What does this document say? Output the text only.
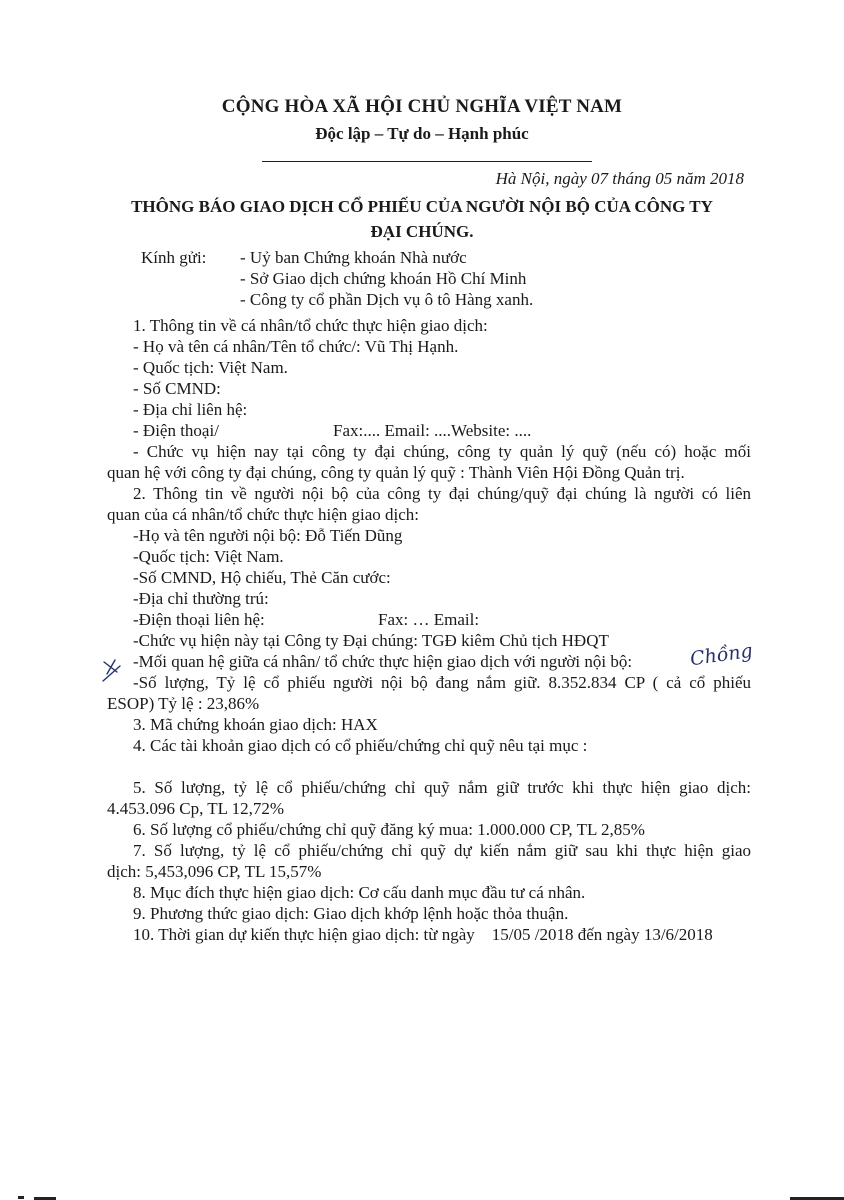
CỘNG HÒA XÃ HỘI CHỦ NGHĨA VIỆT NAM
Độc lập – Tự do – Hạnh phúc
Hà Nội, ngày 07 tháng 05 năm 2018
THÔNG BÁO GIAO DỊCH CỔ PHIẾU CỦA NGƯỜI NỘI BỘ CỦA CÔNG TY
ĐẠI CHÚNG.
Kính gửi: - Uỷ ban Chứng khoán Nhà nước
- Sở Giao dịch chứng khoán Hồ Chí Minh
- Công ty cổ phần Dịch vụ ô tô Hàng xanh.
1. Thông tin về cá nhân/tổ chức thực hiện giao dịch:
- Họ và tên cá nhân/Tên tổ chức/: Vũ Thị Hạnh.
- Quốc tịch: Việt Nam.
- Số CMND:
- Địa chỉ liên hệ:
- Điện thoại/	Fax:.... Email: ....Website: ....
- Chức vụ hiện nay tại công ty đại chúng, công ty quản lý quỹ (nếu có) hoặc mối
quan hệ với công ty đại chúng, công ty quản lý quỹ : Thành Viên Hội Đồng Quản trị.
2. Thông tin về người nội bộ của công ty đại chúng/quỹ đại chúng là người có liên
quan của cá nhân/tổ chức thực hiện giao dịch:
-Họ và tên người nội bộ: Đỗ Tiến Dũng
-Quốc tịch: Việt Nam.
-Số CMND, Hộ chiếu, Thẻ Căn cước:
-Địa chỉ thường trú:
-Điện thoại liên hệ:	Fax: … Email:
-Chức vụ hiện này tại Công ty Đại chúng: TGĐ kiêm Chủ tịch HĐQT
-Mối quan hệ giữa cá nhân/ tổ chức thực hiện giao dịch với người nội bộ:	Chồng
-Số lượng, Tỷ lệ cổ phiếu người nội bộ đang nắm giữ. 8.352.834 CP ( cả cổ phiếu
ESOP) Tỷ lệ : 23,86%
3. Mã chứng khoán giao dịch: HAX
4. Các tài khoản giao dịch có cổ phiếu/chứng chỉ quỹ nêu tại mục :
5. Số lượng, tỷ lệ cổ phiếu/chứng chỉ quỹ nắm giữ trước khi thực hiện giao dịch:
4.453.096 Cp, TL 12,72%
6. Số lượng cổ phiếu/chứng chỉ quỹ đăng ký mua: 1.000.000 CP, TL 2,85%
7. Số lượng, tỷ lệ cổ phiếu/chứng chỉ quỹ dự kiến nắm giữ sau khi thực hiện giao
dịch: 5,453,096 CP, TL 15,57%
8. Mục đích thực hiện giao dịch: Cơ cấu danh mục đầu tư cá nhân.
9. Phương thức giao dịch: Giao dịch khớp lệnh hoặc thỏa thuận.
10. Thời gian dự kiến thực hiện giao dịch: từ ngày    15/05 /2018 đến ngày 13/6/2018
